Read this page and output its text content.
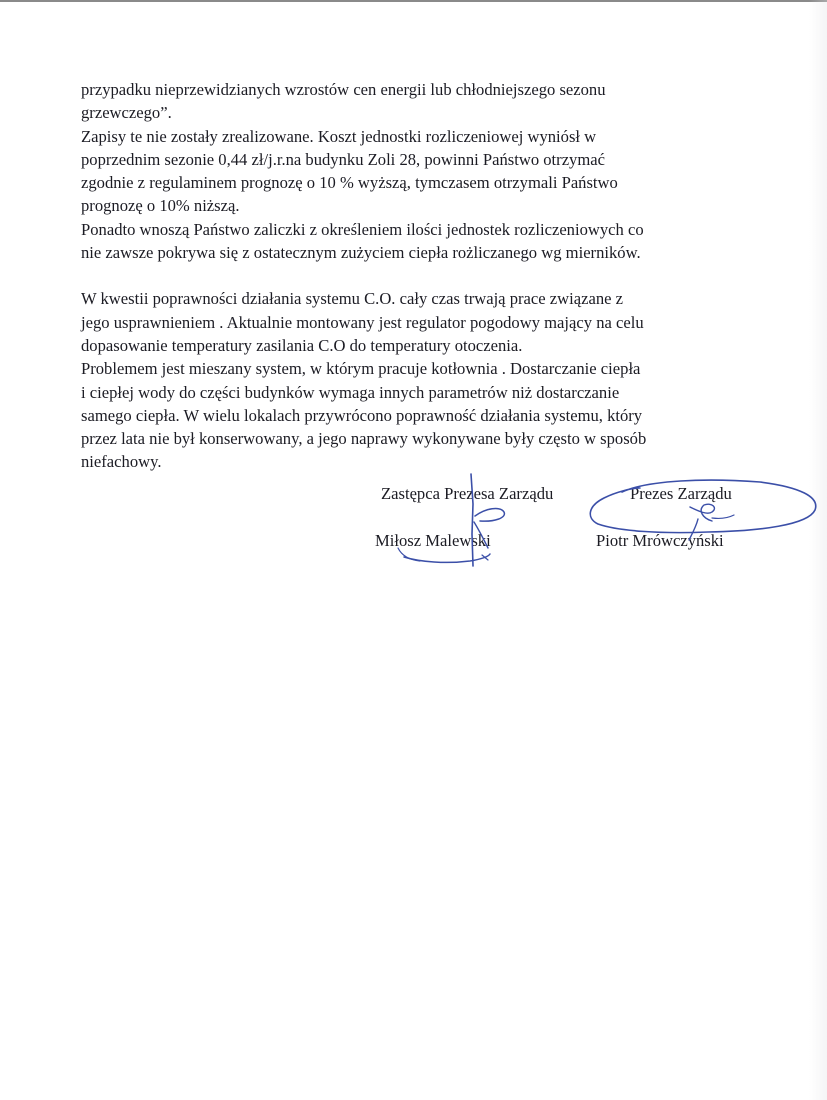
przypadku nieprzewidzianych wzrostów cen energii lub chłodniejszego sezonu
grzewczego”.
Zapisy te nie zostały zrealizowane. Koszt jednostki rozliczeniowej wyniósł w
poprzednim sezonie 0,44 zł/j.r.na budynku Zoli 28, powinni Państwo otrzymać
zgodnie z regulaminem prognozę o 10 % wyższą, tymczasem otrzymali Państwo
prognozę o 10% niższą.
Ponadto wnoszą Państwo zaliczki z określeniem ilości jednostek rozliczeniowych co
nie zawsze pokrywa się z ostatecznym zużyciem ciepła rożliczanego wg mierników.
W kwestii poprawności działania systemu C.O. cały czas trwają prace związane z
jego usprawnieniem . Aktualnie montowany jest regulator pogodowy mający na celu
dopasowanie temperatury zasilania C.O do temperatury otoczenia.
Problemem jest mieszany system, w którym pracuje kotłownia . Dostarczanie ciepła
i ciepłej wody do części budynków wymaga innych parametrów niż dostarczanie
samego ciepła. W wielu lokalach przywrócono poprawność działania systemu, który
przez lata nie był konserwowany, a jego naprawy wykonywane były często w sposób
niefachowy.
Zastępca Prezesa Zarządu
Miłosz Malewski
Prezes Zarządu
Piotr Mrówczyński
